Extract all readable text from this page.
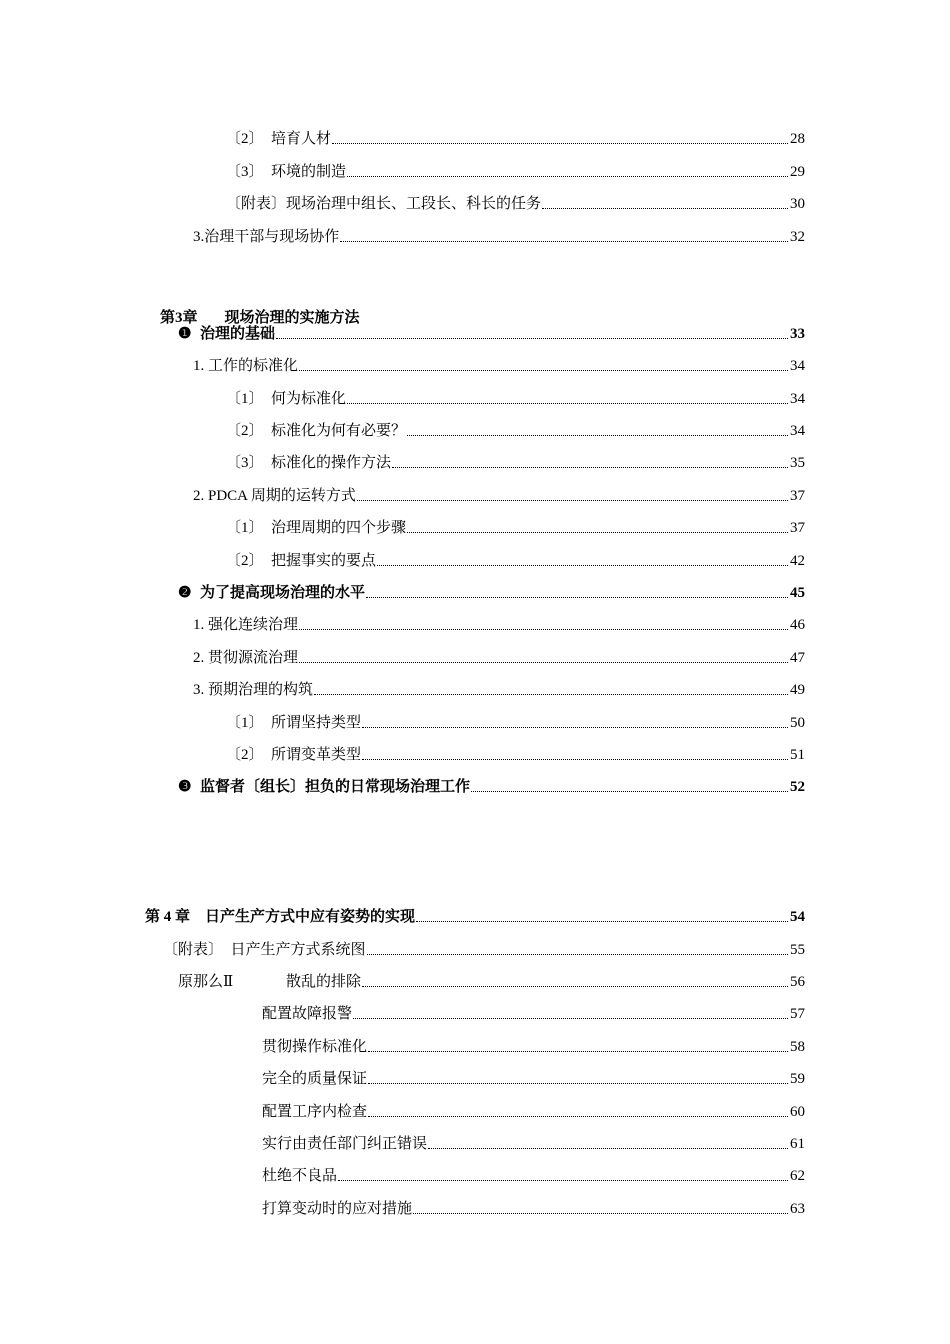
〔2〕  培育人材	28
〔3〕  环境的制造	29
〔附表〕现场治理中组长、工段长、科长的任务	30
3.治理干部与现场协作	32

第3章 现场治理的实施方法

❶ 治理的基础	33
1. 工作的标准化	34
〔1〕  何为标准化	34
〔2〕  标准化为何有必要？	34
〔3〕  标准化的操作方法	35
2. PDCA 周期的运转方式	37
〔1〕  治理周期的四个步骤	37
〔2〕  把握事实的要点	42
❷ 为了提高现场治理的水平	45
1. 强化连续治理	46
2. 贯彻源流治理	47
3. 预期治理的构筑	49
〔1〕  所谓坚持类型	50
〔2〕  所谓变革类型	51
❸ 监督者〔组长〕担负的日常现场治理工作	52
第 4 章    日产生产方式中应有姿势的实现	54
〔附表〕  日产生产方式系统图	55
原那么Ⅱ	散乱的排除	56
配置故障报警	57
贯彻操作标准化	58
完全的质量保证	59
配置工序内检查	60
实行由责任部门纠正错误	61
杜绝不良品	62
打算变动时的应对措施	63
